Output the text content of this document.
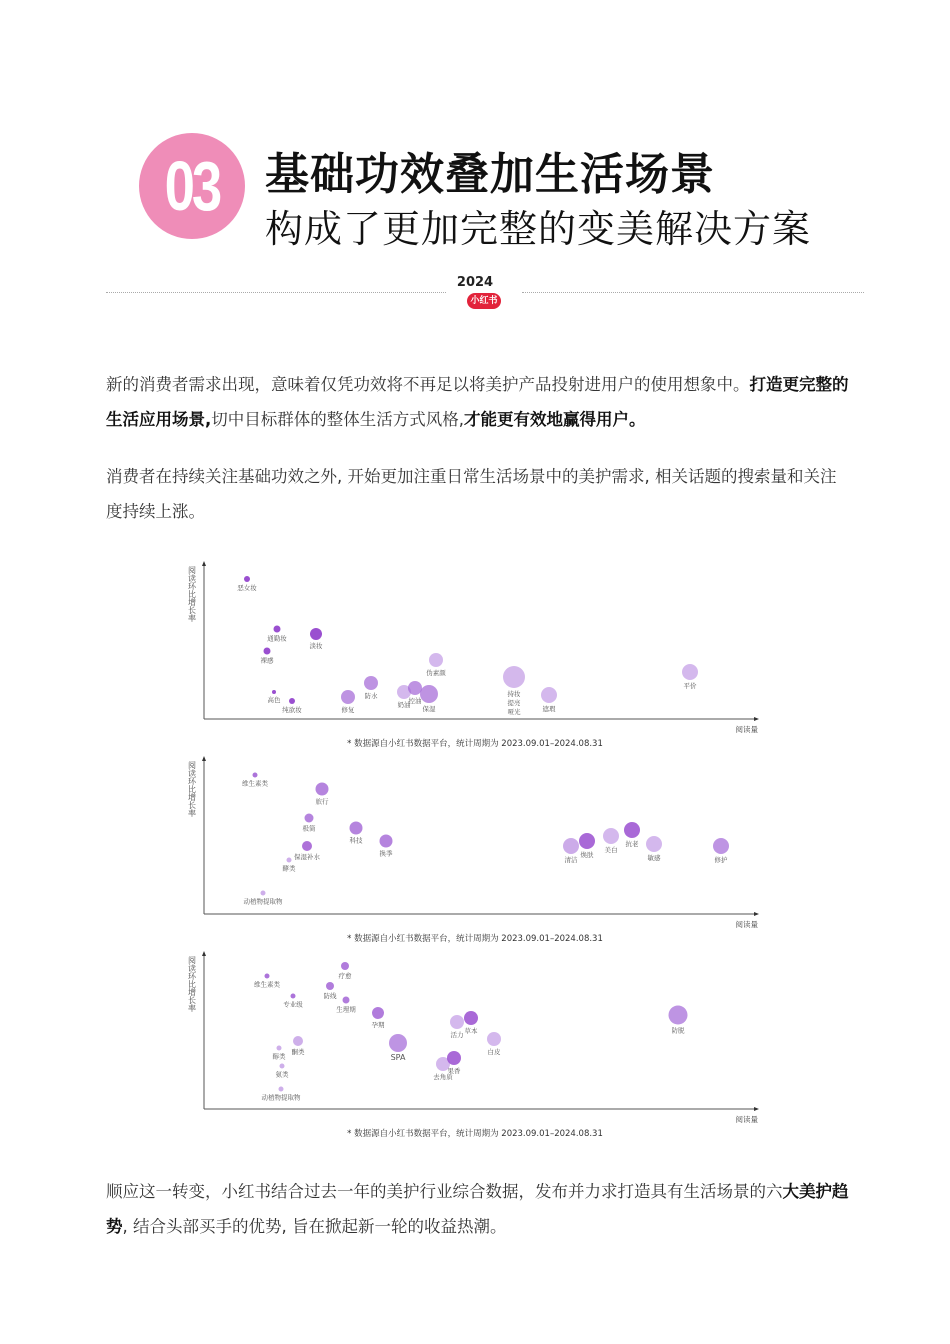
03 基础功效叠加生活场景
构成了更加完整的变美解决方案
2024
小红书
新的消费者需求出现，意味着仅凭功效将不再足以将美护产品投射进用户的使用想象中。打造更完整的生活应用场景,切中目标群体的整体生活方式风格,才能更有效地赢得用户。
消费者在持续关注基础功效之外, 开始更加注重日常生活场景中的美护需求, 相关话题的搜索量和关注度持续上涨。
阅读环比增长率
阅读量
恶女妆
通勤妆
淡妆
裸感
高色
纯欲妆	修复
防水
奶油
控油
保湿
伪素颜
持妆
提亮
哑光	遮瑕
平价
* 数据源自小红书数据平台，统计周期为 2023.09.01–2024.08.31
阅读环比增长率
阅读量
维生素类
旅行
极简
科技
换季
保湿补水
酵类
动植物提取物
清洁
焕肤
美白
抗老
敏感	修护
* 数据源自小红书数据平台，统计周期为 2023.09.01–2024.08.31
阅读环比增长率
阅读量
维生素类
疗愈
防线
专业级
生理期
孕期
SPA
酮类
醇类
氨类
动植物提取物
活力 草本
白皮
去角质
果香
防脱
* 数据源自小红书数据平台，统计周期为 2023.09.01–2024.08.31
顺应这一转变，小红书结合过去一年的美护行业综合数据，发布并力求打造具有生活场景的六大美护趋势, 结合头部买手的优势, 旨在掀起新一轮的收益热潮。
